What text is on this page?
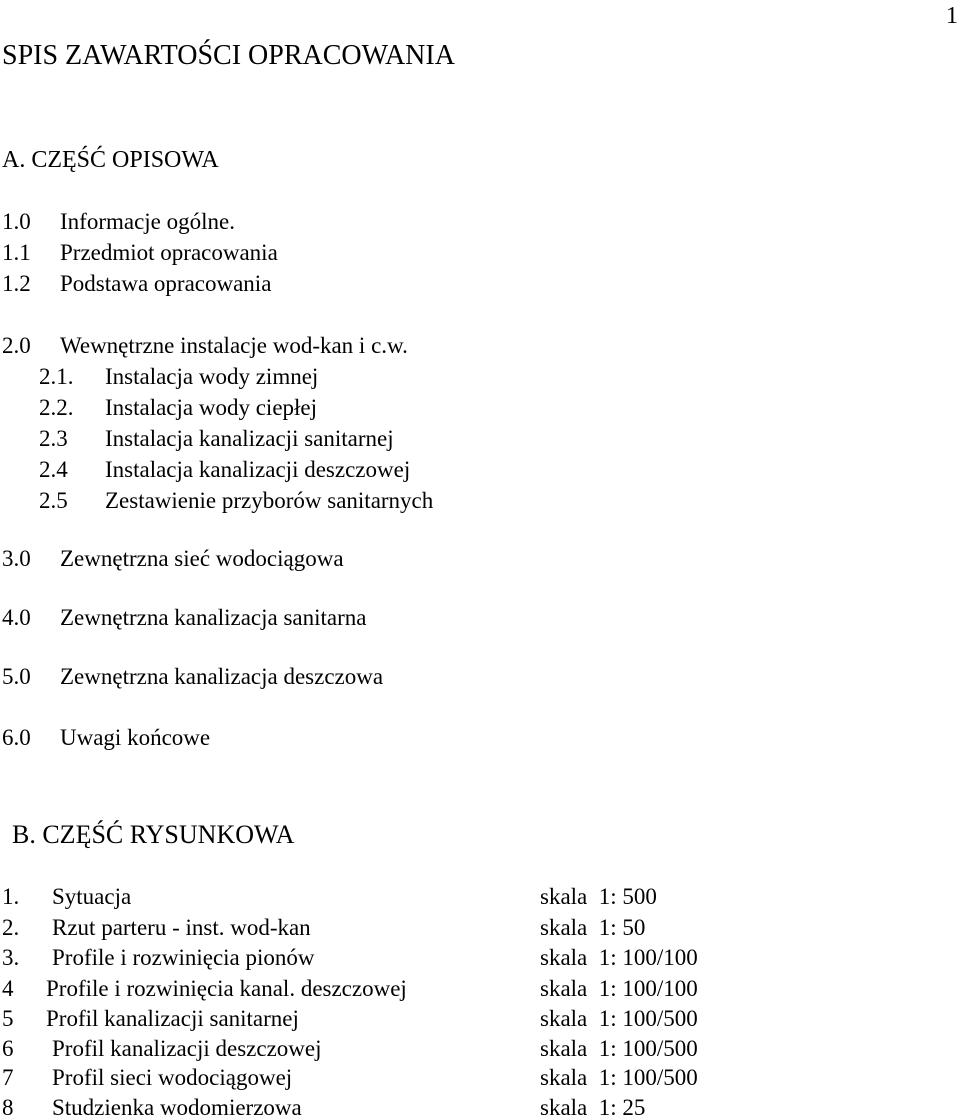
1
SPIS ZAWARTOŚCI OPRACOWANIA
A. CZĘŚĆ OPISOWA
1.0 Informacje ogólne.
1.1 Przedmiot opracowania
1.2 Podstawa opracowania
2.0 Wewnętrzne instalacje wod-kan i c.w.
2.1. Instalacja wody zimnej
2.2. Instalacja wody ciepłej
2.3 Instalacja kanalizacji sanitarnej
2.4 Instalacja kanalizacji deszczowej
2.5 Zestawienie przyborów sanitarnych
3.0 Zewnętrzna sieć wodociągowa
4.0 Zewnętrzna kanalizacja sanitarna
5.0 Zewnętrzna kanalizacja deszczowa
6.0 Uwagi końcowe
B. CZĘŚĆ RYSUNKOWA
1. Sytuacja	skala  1: 500
2. Rzut parteru - inst. wod-kan	skala  1: 50
3. Profile i rozwinięcia pionów	skala  1: 100/100
4 Profile i rozwinięcia kanal. deszczowej	skala  1: 100/100
5 Profil kanalizacji sanitarnej	skala  1: 100/500
6 Profil kanalizacji deszczowej	skala  1: 100/500
7 Profil sieci wodociągowej	skala  1: 100/500
8 Studzienka wodomierzowa	skala  1: 25
